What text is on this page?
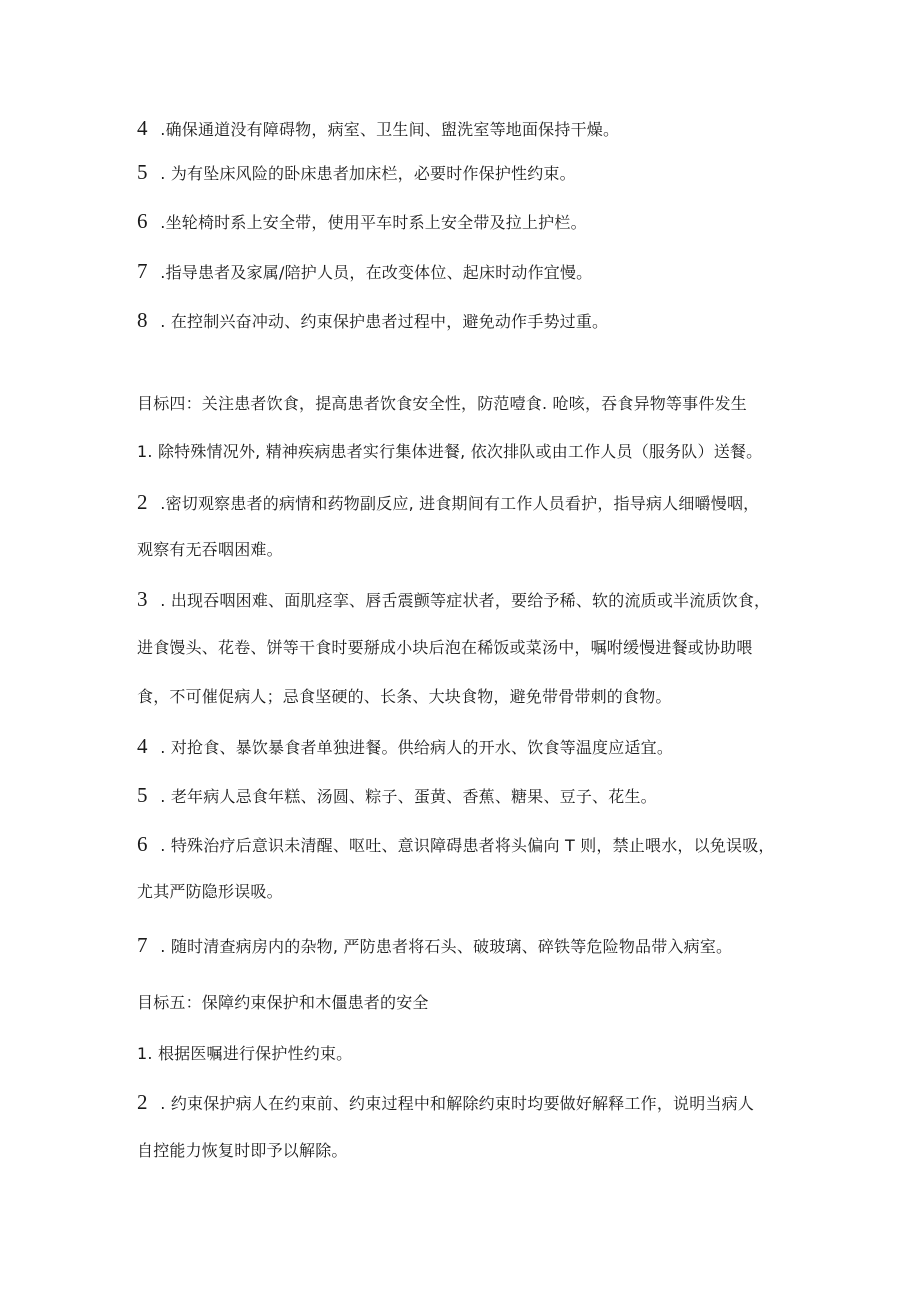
4 .确保通道没有障碍物，病室、卫生间、盥洗室等地面保持干燥。
5 . 为有坠床风险的卧床患者加床栏，必要时作保护性约束。
6 .坐轮椅时系上安全带，使用平车时系上安全带及拉上护栏。
7 .指导患者及家属/陪护人员，在改变体位、起床时动作宜慢。
8 . 在控制兴奋冲动、约束保护患者过程中，避免动作手势过重。
目标四：关注患者饮食，提高患者饮食安全性，防范噎食. 呛咳，吞食异物等事件发生
1. 除特殊情况外, 精神疾病患者实行集体进餐, 依次排队或由工作人员（服务队）送餐。
2 .密切观察患者的病情和药物副反应, 进食期间有工作人员看护，指导病人细嚼慢咽，
观察有无吞咽困难。
3 . 出现吞咽困难、面肌痉挛、唇舌震颤等症状者，要给予稀、软的流质或半流质饮食，
进食馒头、花卷、饼等干食时要掰成小块后泡在稀饭或菜汤中，嘱咐缓慢进餐或协助喂
食，不可催促病人；忌食坚硬的、长条、大块食物，避免带骨带刺的食物。
4 . 对抢食、暴饮暴食者单独进餐。供给病人的开水、饮食等温度应适宜。
5 . 老年病人忌食年糕、汤圆、粽子、蛋黄、香蕉、糖果、豆子、花生。
6 . 特殊治疗后意识未清醒、呕吐、意识障碍患者将头偏向 T 则，禁止喂水，以免误吸，
尤其严防隐形误吸。
7 . 随时清查病房内的杂物, 严防患者将石头、破玻璃、碎铁等危险物品带入病室。
目标五：保障约束保护和木僵患者的安全
1. 根据医嘱进行保护性约束。
2 . 约束保护病人在约束前、约束过程中和解除约束时均要做好解释工作，说明当病人
自控能力恢复时即予以解除。
